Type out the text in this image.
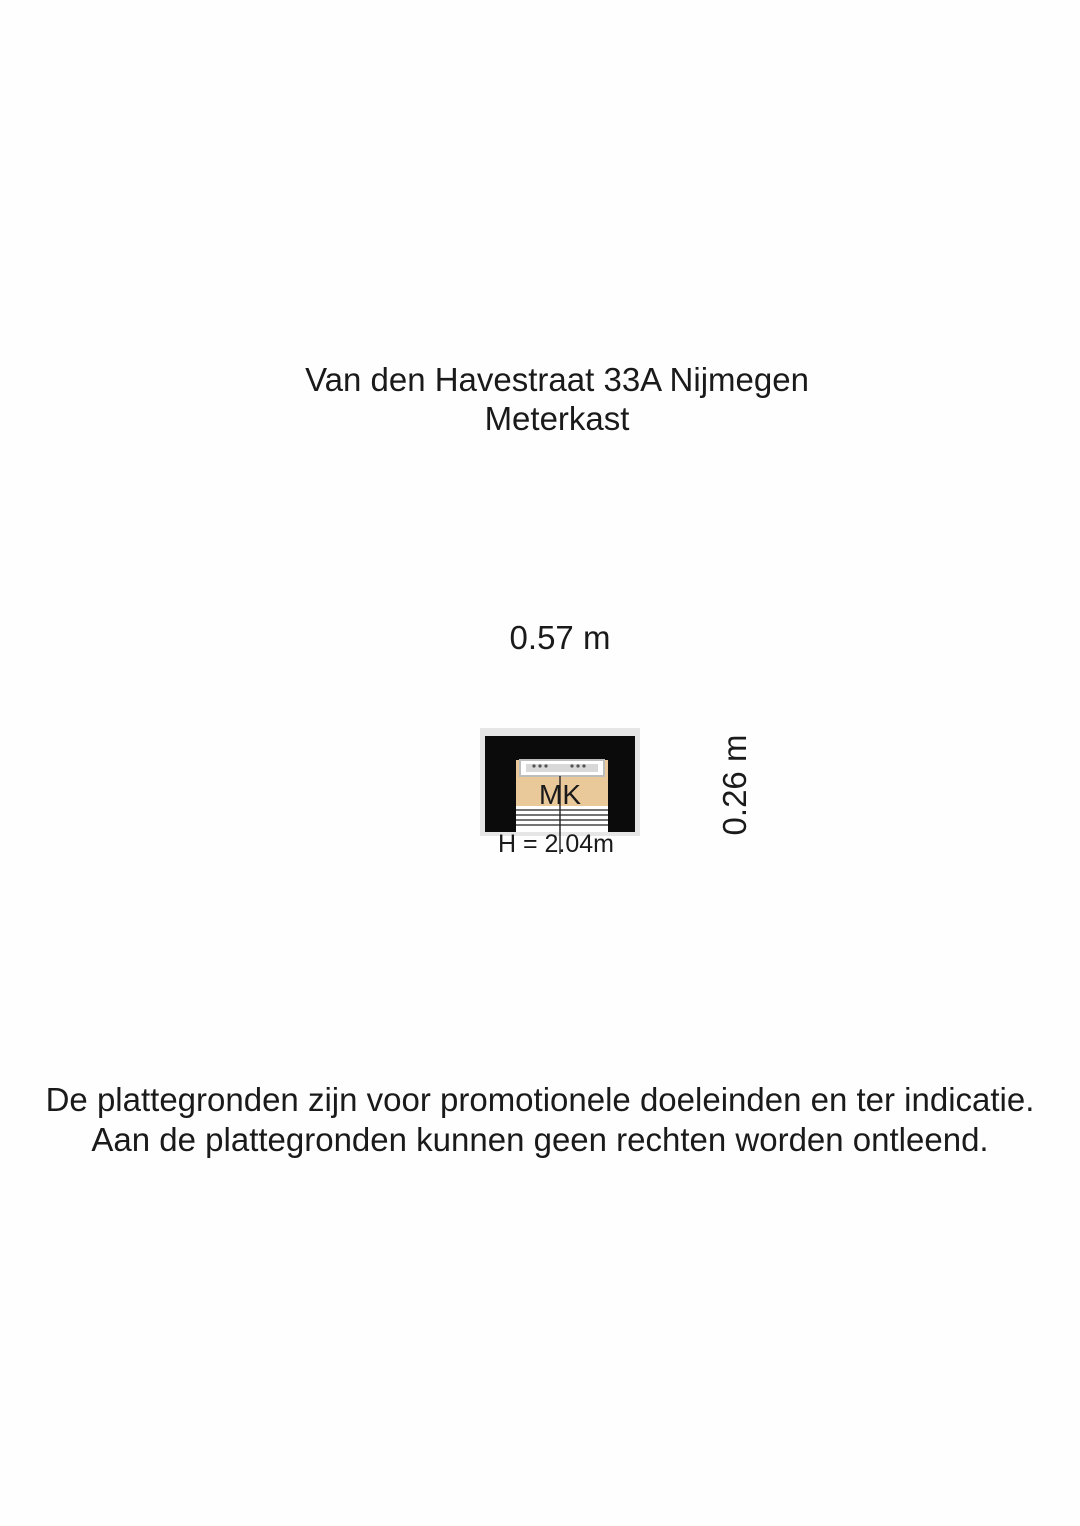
Van den Havestraat 33A Nijmegen
Meterkast
0.57 m
0.26 m
MK
H = 2.04m
De plattegronden zijn voor promotionele doeleinden en ter indicatie.
Aan de plattegronden kunnen geen rechten worden ontleend.
